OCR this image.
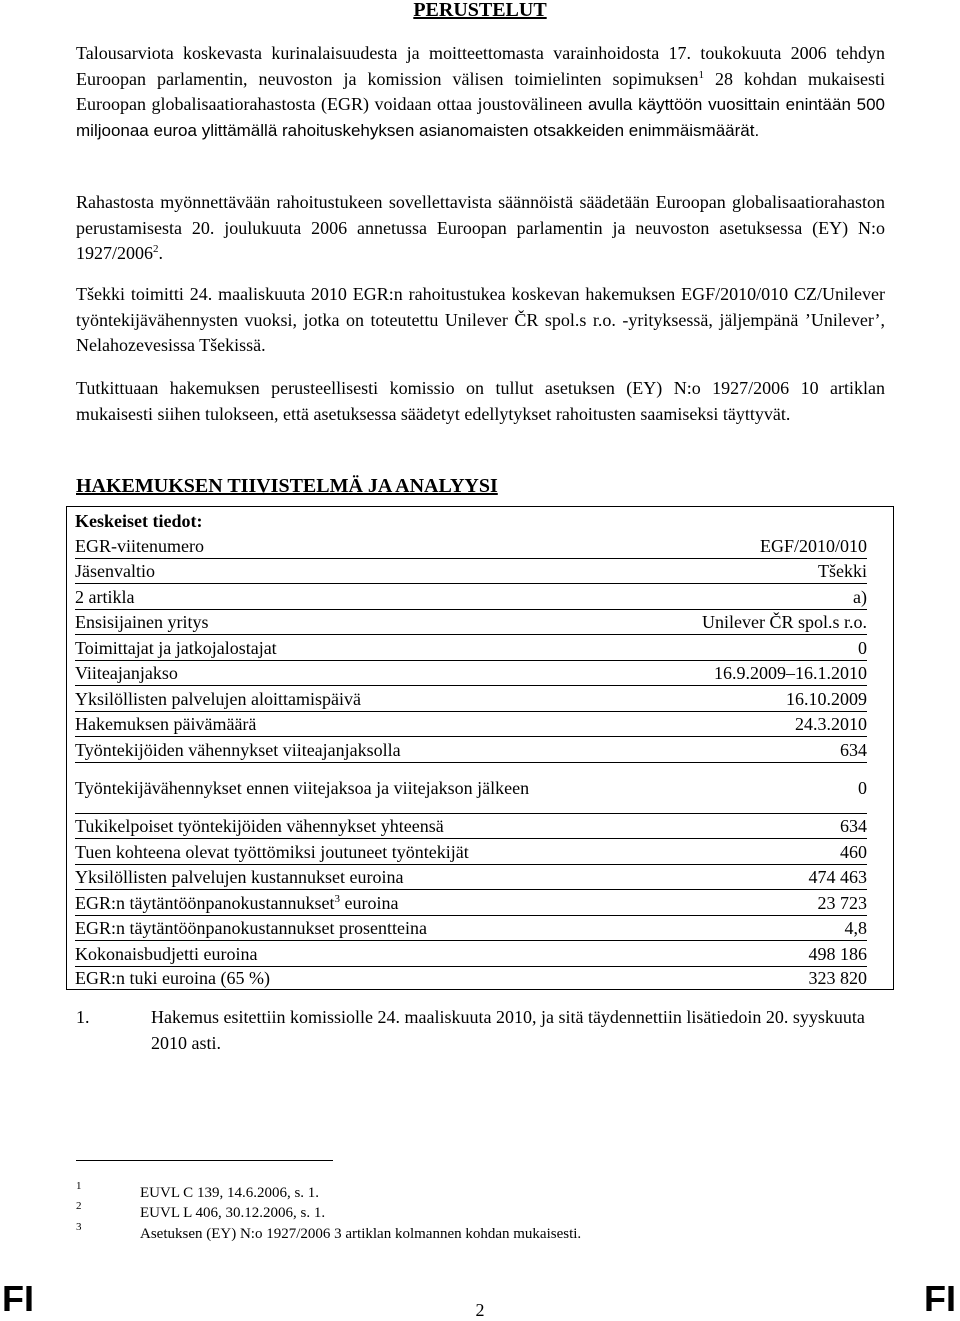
PERUSTELUT

Talousarviota koskevasta kurinalaisuudesta ja moitteettomasta varainhoidosta 17. toukokuuta 2006 tehdyn Euroopan parlamentin, neuvoston ja komission välisen toimielinten sopimuksen$^1$ 28 kohdan mukaisesti Euroopan globalisaatiorahastosta (EGR) voidaan ottaa joustovälineen avulla käyttöön vuosittain enintään 500 miljoonaa euroa ylittämällä rahoituskehyksen asianomaisten otsakkeiden enimmäismäärät.

Rahastosta myönnettävään rahoitustukeen sovellettavista säännöistä säädetään Euroopan globalisaatiorahaston perustamisesta 20. joulukuuta 2006 annetussa Euroopan parlamentin ja neuvoston asetuksessa (EY) N:o 1927/2006$^2$.

Tšekki toimitti 24. maaliskuuta 2010 EGR:n rahoitustukea koskevan hakemuksen EGF/2010/010 CZ/Unilever työntekijävähennysten vuoksi, jotka on toteutettu Unilever ČR spol.s r.o. -yrityksessä, jäljempänä ’Unilever’, Nelahozevesissa Tšekissä.

Tutkittuaan hakemuksen perusteellisesti komissio on tullut asetuksen (EY) N:o 1927/2006 10 artiklan mukaisesti siihen tulokseen, että asetuksessa säädetyt edellytykset rahoitusten saamiseksi täyttyvät.

HAKEMUKSEN TIIVISTELMÄ JA ANALYYSI
Keskeiset tiedot:
EGR-viitenumero	EGF/2010/010
Jäsenvaltio	Tšekki
2 artikla	a)
Ensisijainen yritys	Unilever ČR spol.s r.o.
Toimittajat ja jatkojalostajat	0
Viiteajanjakso	16.9.2009–16.1.2010
Yksilöllisten palvelujen aloittamispäivä	16.10.2009
Hakemuksen päivämäärä	24.3.2010
Työntekijöiden vähennykset viiteajanjaksolla	634
Työntekijävähennykset ennen viitejaksoa ja viitejakson jälkeen	0
Tukikelpoiset työntekijöiden vähennykset yhteensä	634
Tuen kohteena olevat työttömiksi joutuneet työntekijät	460
Yksilöllisten palvelujen kustannukset euroina	474 463
EGR:n täytäntöönpanokustannukset$^3$ euroina	23 723
EGR:n täytäntöönpanokustannukset prosentteina	4,8
Kokonaisbudjetti euroina	498 186
EGR:n tuki euroina (65 %)	323 820
1.	Hakemus esitettiin komissiolle 24. maaliskuuta 2010, ja sitä täydennettiin lisätiedoin 20. syyskuuta 2010 asti.
1	EUVL C 139, 14.6.2006, s. 1.
2	EUVL L 406, 30.12.2006, s. 1.
3	Asetuksen (EY) N:o 1927/2006 3 artiklan kolmannen kohdan mukaisesti.
FI	2	FI
